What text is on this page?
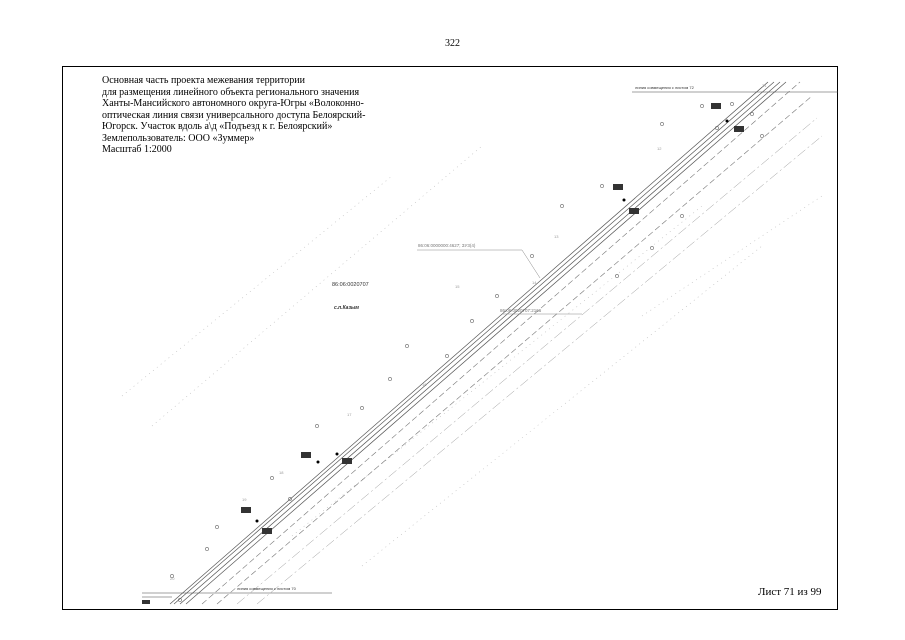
322
12
13
14
15
16
17
18
19
20
21
линия совмещения с листом 72
линия совмещения с листом 70
86:06:0020707
с.п.Казым
86:06:0000000:4627; ЗУ3(4)
86:06:0020707:2166
Основная часть проекта межевания территории
для размещения линейного объекта регионального значения
Ханты-Мансийского автономного округа-Югры «Волоконно-
оптическая линия связи универсального доступа Белоярский-
Югорск. Участок вдоль а\д «Подъезд к г. Белоярский»
Землепользователь: ООО «Зуммер»
Масштаб 1:2000
Лист 71 из 99
